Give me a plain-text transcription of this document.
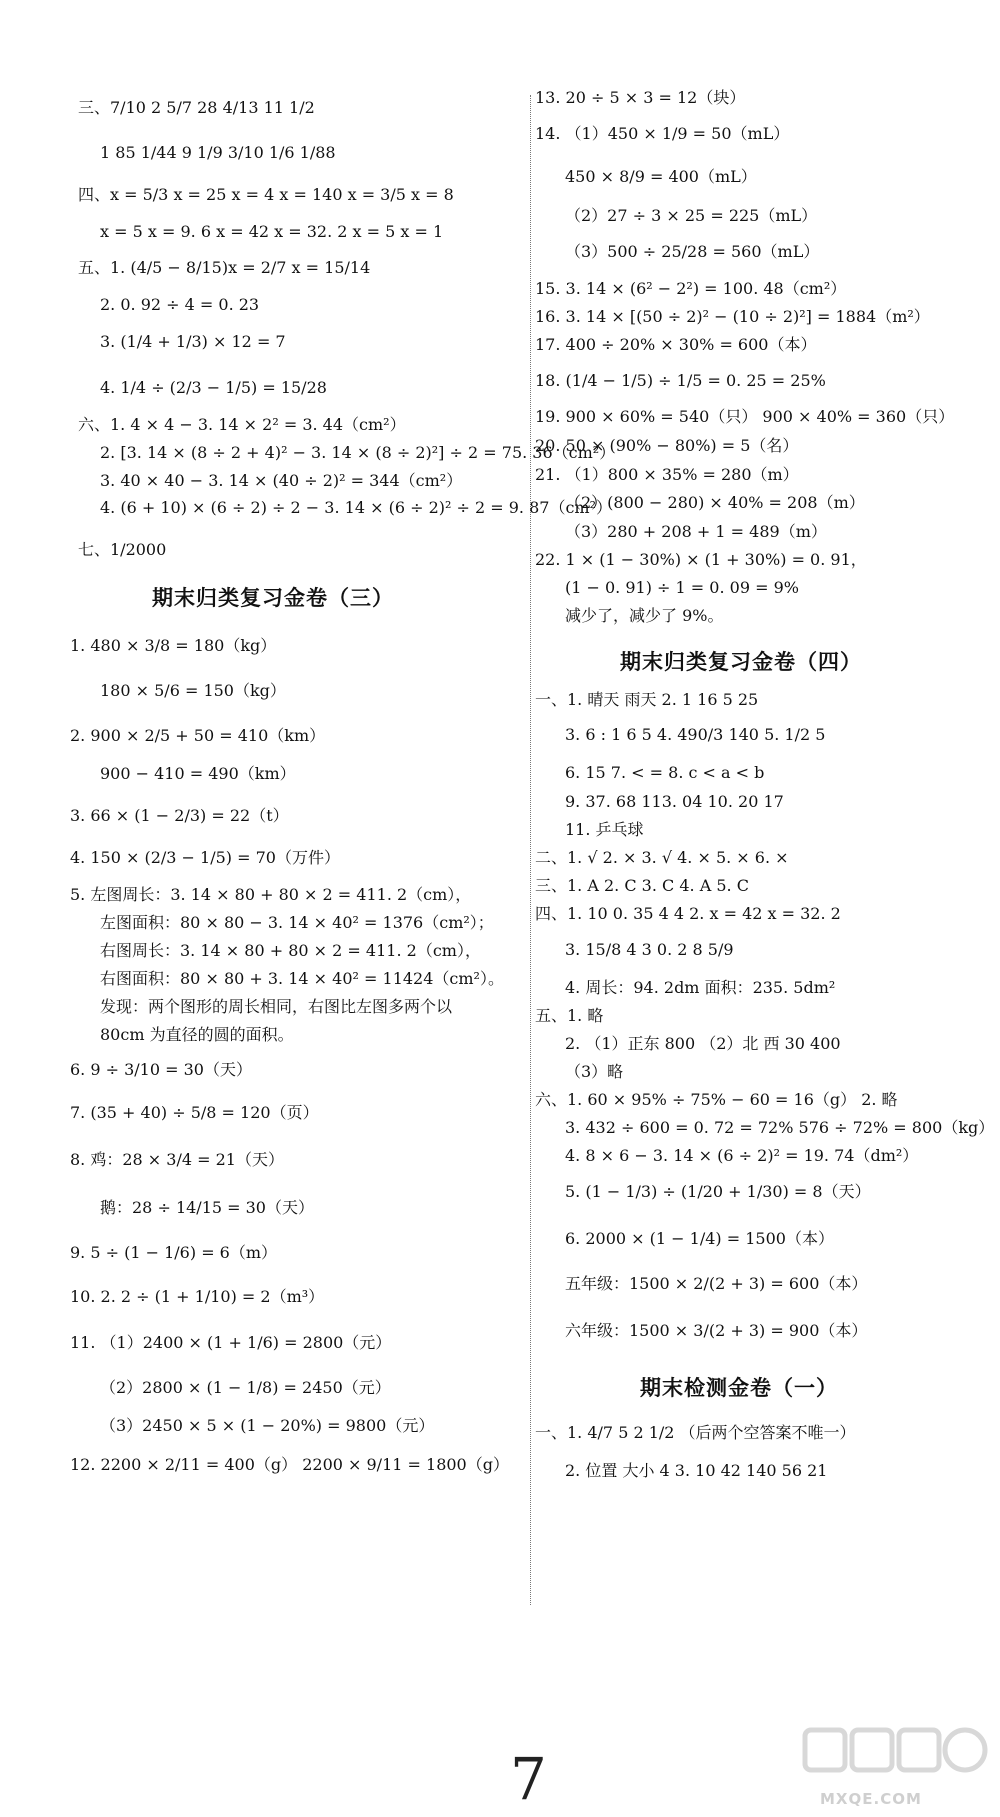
三、7/10 2 5/7 28 4/13 11 1/2
1 85 1/44 9 1/9 3/10 1/6 1/88
四、x = 5/3 x = 25 x = 4 x = 140 x = 3/5 x = 8
x = 5 x = 9. 6 x = 42 x = 32. 2 x = 5 x = 1
五、1. (4/5 − 8/15)x = 2/7 x = 15/14
2. 0. 92 ÷ 4 = 0. 23
3. (1/4 + 1/3) × 12 = 7
4. 1/4 ÷ (2/3 − 1/5) = 15/28
六、1. 4 × 4 − 3. 14 × 2² = 3. 44（cm²）
2. [3. 14 × (8 ÷ 2 + 4)² − 3. 14 × (8 ÷ 2)²] ÷ 2 = 75. 36（cm²）
3. 40 × 40 − 3. 14 × (40 ÷ 2)² = 344（cm²）
4. (6 + 10) × (6 ÷ 2) ÷ 2 − 3. 14 × (6 ÷ 2)² ÷ 2 = 9. 87（cm²）
七、1/2000
期末归类复习金卷（三）
1. 480 × 3/8 = 180（kg）
180 × 5/6 = 150（kg）
2. 900 × 2/5 + 50 = 410（km）
900 − 410 = 490（km）
3. 66 × (1 − 2/3) = 22（t）
4. 150 × (2/3 − 1/5) = 70（万件）
5. 左图周长：3. 14 × 80 + 80 × 2 = 411. 2（cm），
左图面积：80 × 80 − 3. 14 × 40² = 1376（cm²）；
右图周长：3. 14 × 80 + 80 × 2 = 411. 2（cm），
右图面积：80 × 80 + 3. 14 × 40² = 11424（cm²）。
发现：两个图形的周长相同，右图比左图多两个以
80cm 为直径的圆的面积。
6. 9 ÷ 3/10 = 30（天）
7. (35 + 40) ÷ 5/8 = 120（页）
8. 鸡：28 × 3/4 = 21（天）
鹅：28 ÷ 14/15 = 30（天）
9. 5 ÷ (1 − 1/6) = 6（m）
10. 2. 2 ÷ (1 + 1/10) = 2（m³）
11. （1）2400 × (1 + 1/6) = 2800（元）
（2）2800 × (1 − 1/8) = 2450（元）
（3）2450 × 5 × (1 − 20%) = 9800（元）
12. 2200 × 2/11 = 400（g） 2200 × 9/11 = 1800（g）
13. 20 ÷ 5 × 3 = 12（块）
14. （1）450 × 1/9 = 50（mL）
450 × 8/9 = 400（mL）
（2）27 ÷ 3 × 25 = 225（mL）
（3）500 ÷ 25/28 = 560（mL）
15. 3. 14 × (6² − 2²) = 100. 48（cm²）
16. 3. 14 × [(50 ÷ 2)² − (10 ÷ 2)²] = 1884（m²）
17. 400 ÷ 20% × 30% = 600（本）
18. (1/4 − 1/5) ÷ 1/5 = 0. 25 = 25%
19. 900 × 60% = 540（只） 900 × 40% = 360（只）
20. 50 × (90% − 80%) = 5（名）
21. （1）800 × 35% = 280（m）
（2）(800 − 280) × 40% = 208（m）
（3）280 + 208 + 1 = 489（m）
22. 1 × (1 − 30%) × (1 + 30%) = 0. 91，
(1 − 0. 91) ÷ 1 = 0. 09 = 9%
减少了，减少了 9%。
期末归类复习金卷（四）
一、1. 晴天 雨天 2. 1 16 5 25
3. 6 : 1 6 5 4. 490/3 140 5. 1/2 5
6. 15 7. < = 8. c < a < b
9. 37. 68 113. 04 10. 20 17
11. 乒乓球
二、1. √ 2. × 3. √ 4. × 5. × 6. ×
三、1. A 2. C 3. C 4. A 5. C
四、1. 10 0. 35 4 4 2. x = 42 x = 32. 2
3. 15/8 4 3 0. 2 8 5/9
4. 周长：94. 2dm 面积：235. 5dm²
五、1. 略
2. （1）正东 800 （2）北 西 30 400
（3）略
六、1. 60 × 95% ÷ 75% − 60 = 16（g） 2. 略
3. 432 ÷ 600 = 0. 72 = 72% 576 ÷ 72% = 800（kg）
4. 8 × 6 − 3. 14 × (6 ÷ 2)² = 19. 74（dm²）
5. (1 − 1/3) ÷ (1/20 + 1/30) = 8（天）
6. 2000 × (1 − 1/4) = 1500（本）
五年级：1500 × 2/(2 + 3) = 600（本）
六年级：1500 × 3/(2 + 3) = 900（本）
期末检测金卷（一）
一、1. 4/7 5 2 1/2 （后两个空答案不唯一）
2. 位置 大小 4 3. 10 42 140 56 21
7	MXQE.COM
